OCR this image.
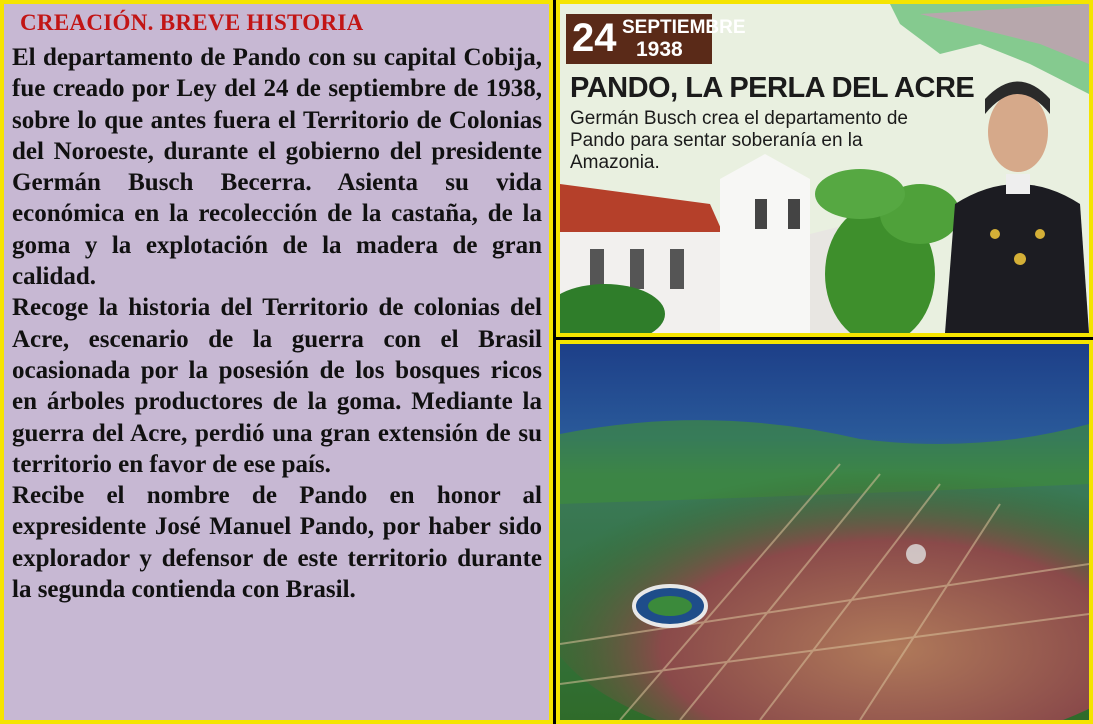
CREACIÓN. BREVE HISTORIA

El departamento de Pando con su capital Cobija, fue creado por Ley del 24 de septiembre de 1938, sobre lo que antes fuera el Territorio de Colonias del Noroeste, durante el gobierno del presidente Germán Busch Becerra. Asienta su vida económica en la recolección de la castaña, de la goma y la explotación de la madera de gran calidad.

Recoge la historia del Territorio de colonias del Acre, escenario de la guerra con el Brasil ocasionada por la posesión de los bosques ricos en árboles productores de la goma. Mediante la guerra del Acre, perdió una gran extensión de su territorio en favor de ese país.

Recibe el nombre de Pando en honor al expresidente José Manuel Pando, por haber sido explorador y defensor de este territorio durante la segunda contienda con Brasil.

24 SEPTIEMBRE
1938
PANDO, LA PERLA DEL ACRE
Germán Busch crea el departamento de Pando para sentar soberanía en la Amazonia.
